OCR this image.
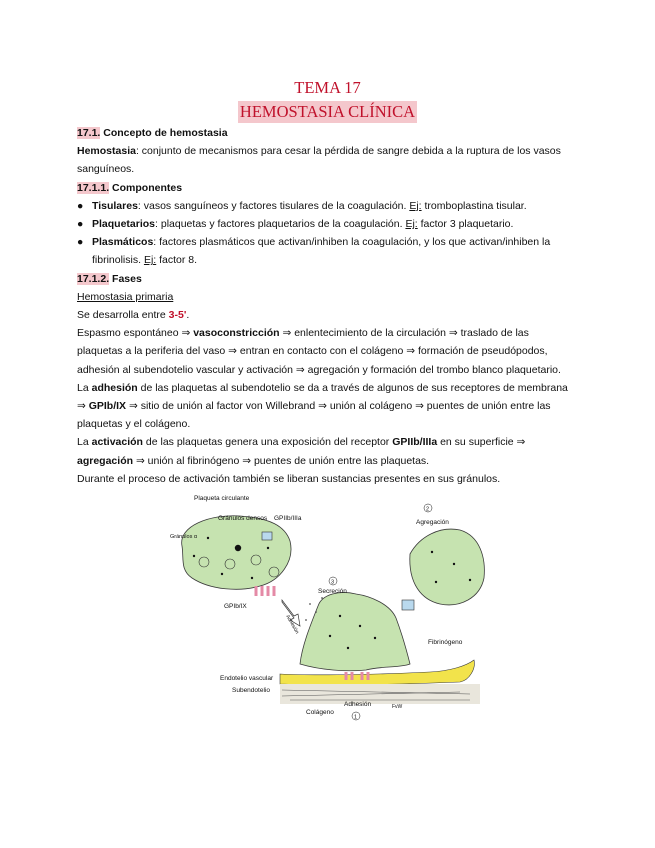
TEMA 17
HEMOSTASIA CLÍNICA
17.1. Concepto de hemostasia
Hemostasia: conjunto de mecanismos para cesar la pérdida de sangre debida a la ruptura de los vasos
sanguíneos.
17.1.1. Componentes
● Tisulares: vasos sanguíneos y factores tisulares de la coagulación. Ej: tromboplastina tisular.
● Plaquetarios: plaquetas y factores plaquetarios de la coagulación. Ej: factor 3 plaquetario.
● Plasmáticos: factores plasmáticos que activan/inhiben la coagulación, y los que activan/inhiben la
fibrinolisis. Ej: factor 8.
17.1.2. Fases
Hemostasia primaria
Se desarrolla entre 3-5'.
Espasmo espontáneo ⇒ vasoconstricción ⇒ enlentecimiento de la circulación ⇒ traslado de las
plaquetas a la periferia del vaso ⇒ entran en contacto con el colágeno ⇒ formación de pseudópodos,
adhesión al subendotelio vascular y activación ⇒ agregación y formación del trombo blanco plaquetario.
La adhesión de las plaquetas al subendotelio se da a través de algunos de sus receptores de membrana
⇒ GPIb/IX ⇒ sitio de unión al factor von Willebrand ⇒ unión al colágeno ⇒ puentes de unión entre las
plaquetas y el colágeno.
La activación de las plaquetas genera una exposición del receptor GPIIb/IIIa en su superficie ⇒
agregación ⇒ unión al fibrinógeno ⇒ puentes de unión entre las plaquetas.
Durante el proceso de activación también se liberan sustancias presentes en sus gránulos.
Plaqueta circulante
Gránulos densos GPIIb/IIIa
Gránulos α
GPIb/IX
Adhesión
3
Secreción
2
Agregación
Fibrinógeno
Endotelio vascular
Subendotelio
Colágeno
Adhesión
1
FvW
